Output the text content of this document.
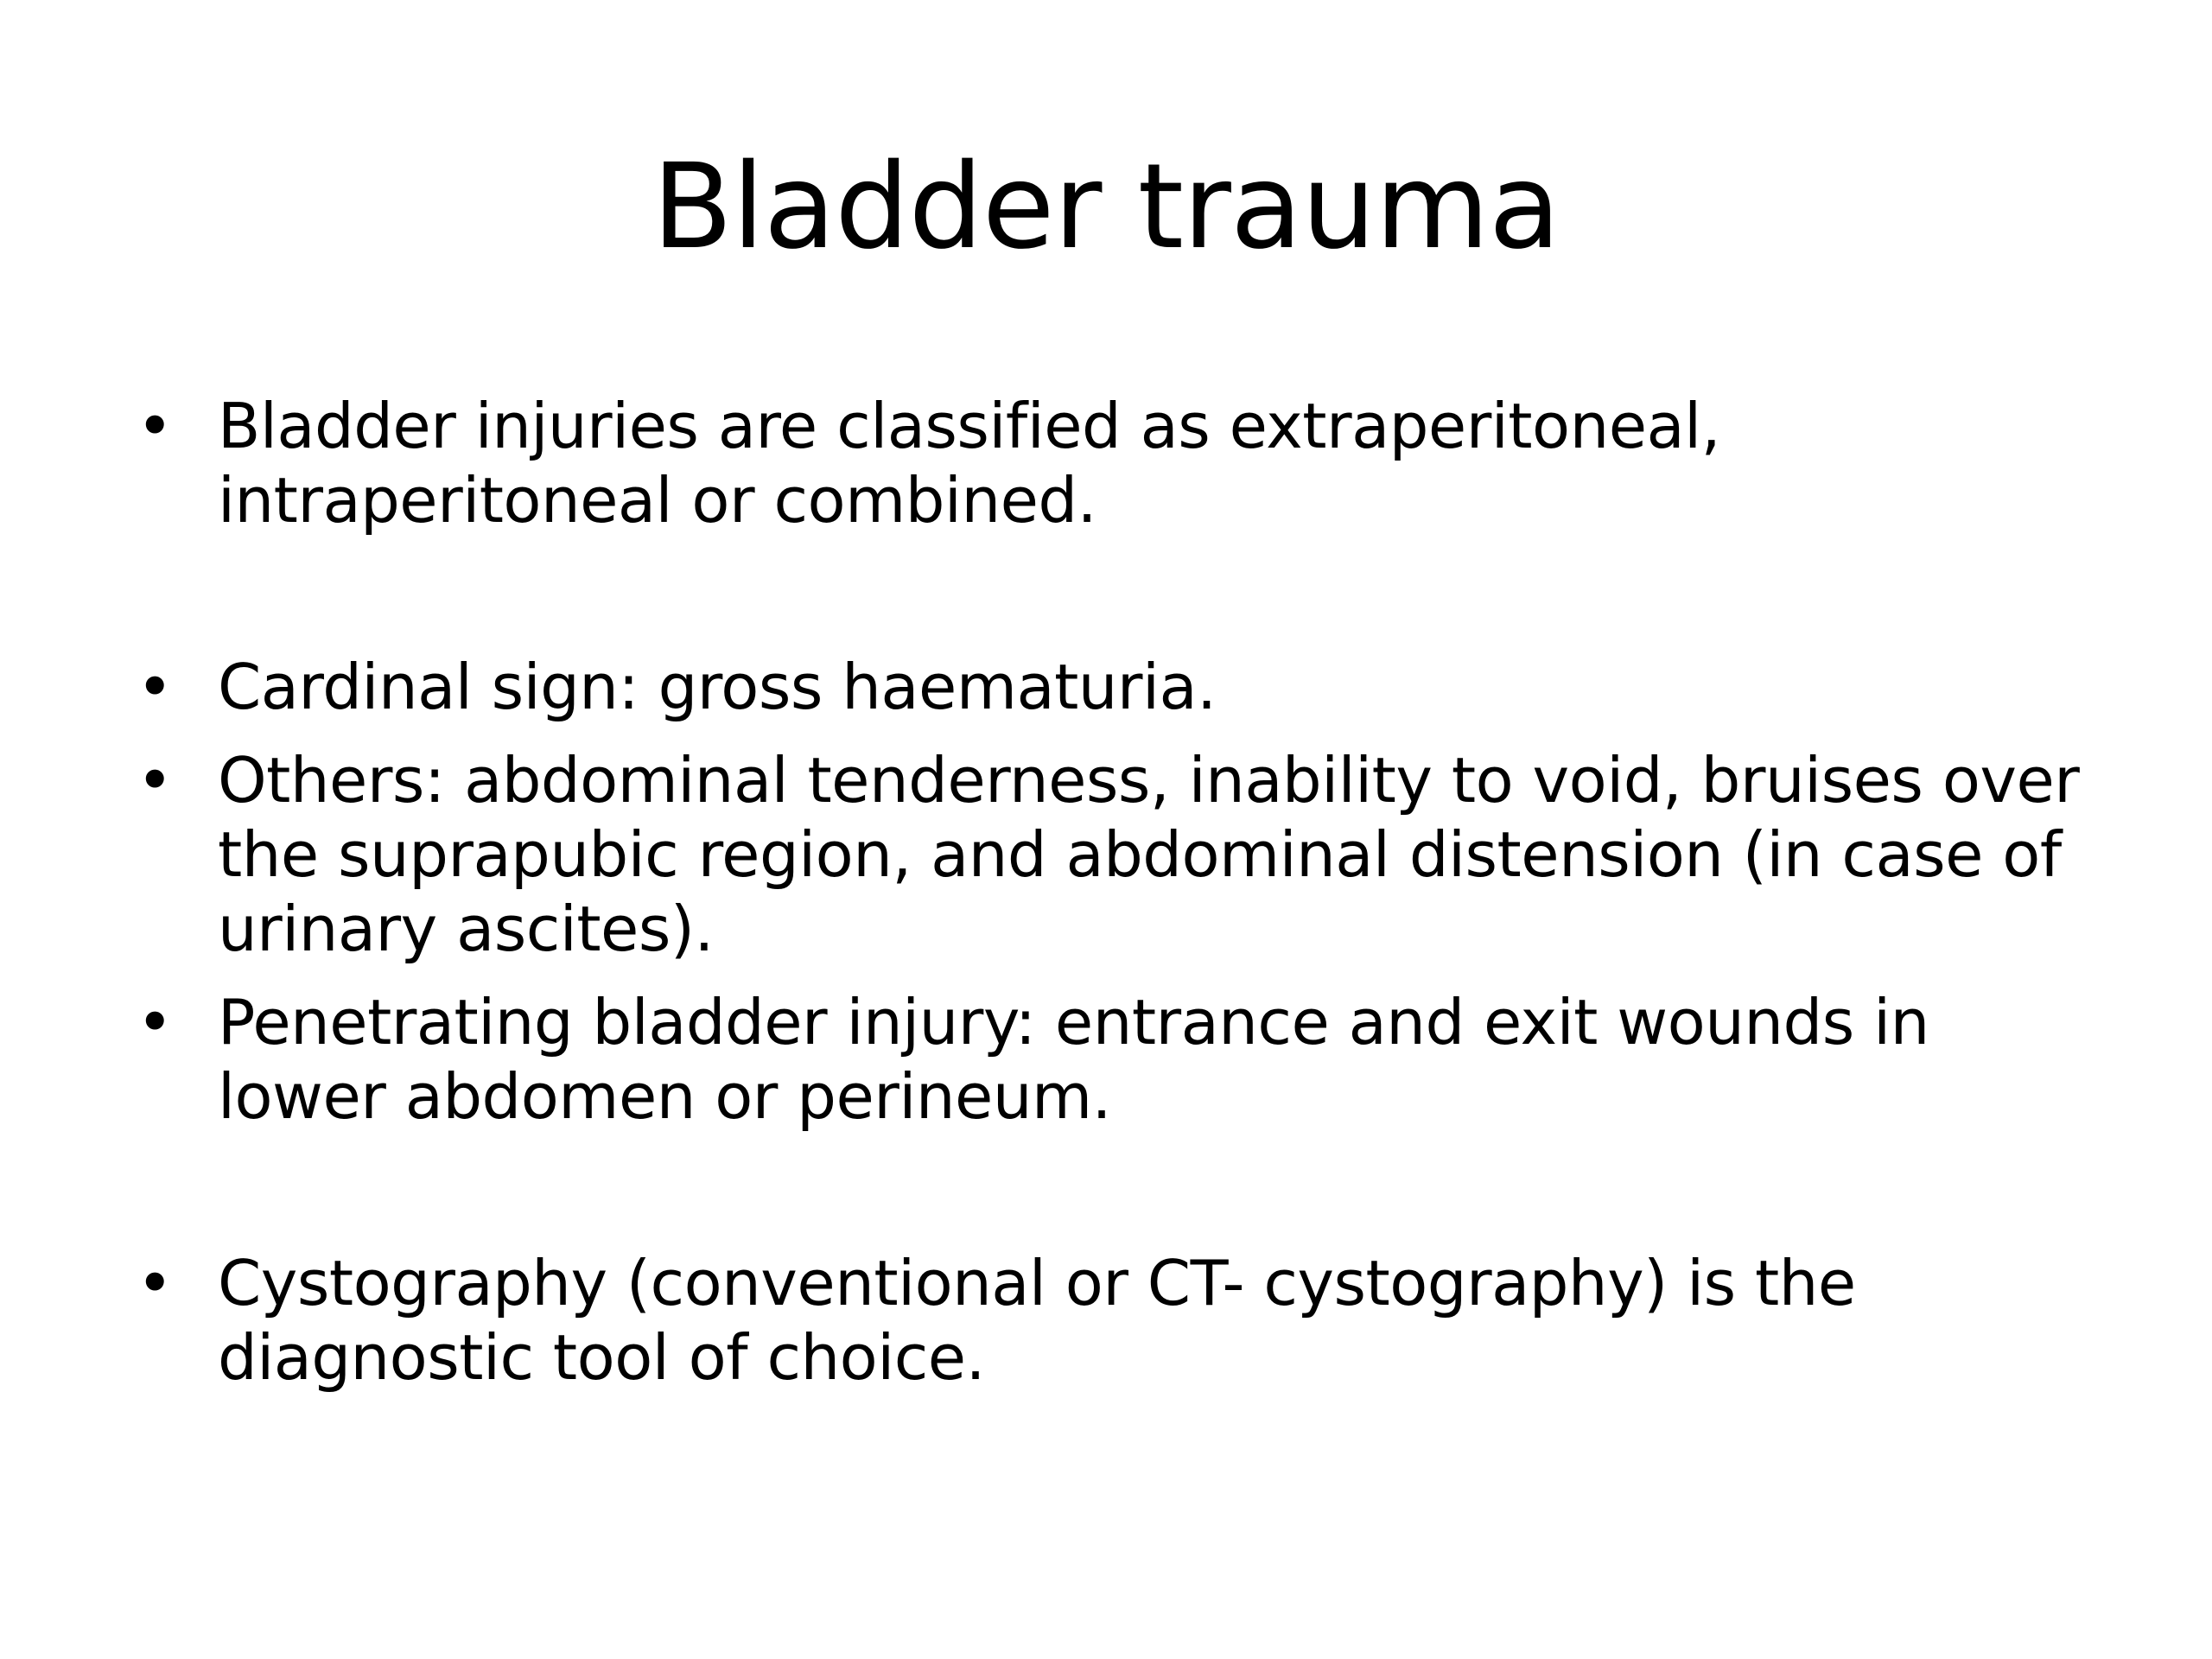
Bladder trauma
• Bladder injuries are classified as extraperitoneal, intraperitoneal or combined.
• Cardinal sign: gross haematuria.
• Others: abdominal tenderness, inability to void, bruises over the suprapubic region, and abdominal distension (in case of urinary ascites).
• Penetrating bladder injury: entrance and exit wounds in lower abdomen or perineum.
• Cystography (conventional or CT- cystography) is the diagnostic tool of choice.
